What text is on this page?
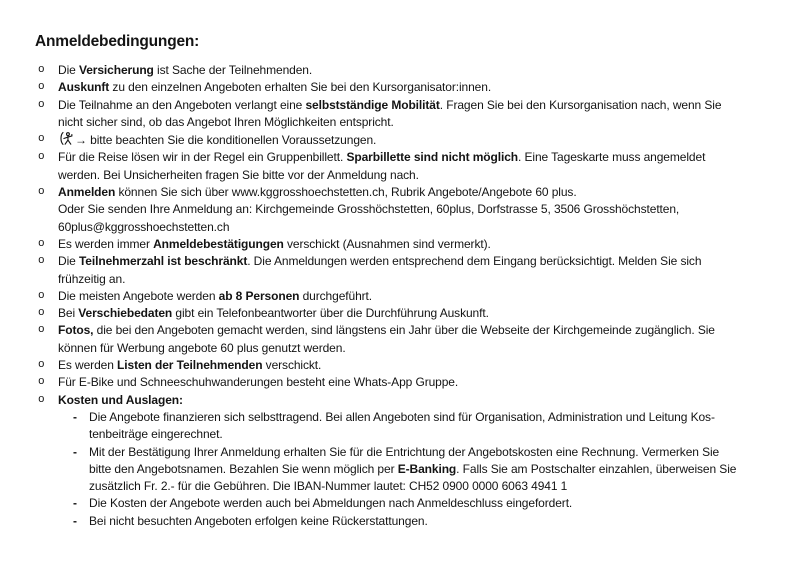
Anmeldebedingungen:
o	Die Versicherung ist Sache der Teilnehmenden.
o	Auskunft zu den einzelnen Angeboten erhalten Sie bei den Kursorganisator:innen.
o	Die Teilnahme an den Angeboten verlangt eine selbstständige Mobilität. Fragen Sie bei den Kursorganisation nach, wenn Sie
nicht sicher sind, ob das Angebot Ihren Möglichkeiten entspricht.
o	→ bitte beachten Sie die konditionellen Voraussetzungen.
o	Für die Reise lösen wir in der Regel ein Gruppenbillett. Sparbillette sind nicht möglich. Eine Tageskarte muss angemeldet
werden. Bei Unsicherheiten fragen Sie bitte vor der Anmeldung nach.
o	Anmelden können Sie sich über www.kggrosshoechstetten.ch, Rubrik Angebote/Angebote 60 plus.
Oder Sie senden Ihre Anmeldung an: Kirchgemeinde Grosshöchstetten, 60plus, Dorfstrasse 5, 3506 Grosshöchstetten,
60plus@kggrosshoechstetten.ch
o	Es werden immer Anmeldebestätigungen verschickt (Ausnahmen sind vermerkt).
o	Die Teilnehmerzahl ist beschränkt. Die Anmeldungen werden entsprechend dem Eingang berücksichtigt. Melden Sie sich
frühzeitig an.
o	Die meisten Angebote werden ab 8 Personen durchgeführt.
o	Bei Verschiebedaten gibt ein Telefonbeantworter über die Durchführung Auskunft.
o	Fotos, die bei den Angeboten gemacht werden, sind längstens ein Jahr über die Webseite der Kirchgemeinde zugänglich. Sie
können für Werbung angebote 60 plus genutzt werden.
o	Es werden Listen der Teilnehmenden verschickt.
o	Für E-Bike und Schneeschuhwanderungen besteht eine Whats-App Gruppe.
o	Kosten und Auslagen:
-	Die Angebote finanzieren sich selbsttragend. Bei allen Angeboten sind für Organisation, Administration und Leitung Kos-
tenbeiträge eingerechnet.
-	Mit der Bestätigung Ihrer Anmeldung erhalten Sie für die Entrichtung der Angebotskosten eine Rechnung. Vermerken Sie
bitte den Angebotsnamen. Bezahlen Sie wenn möglich per E-Banking. Falls Sie am Postschalter einzahlen, überweisen Sie
zusätzlich Fr. 2.- für die Gebühren. Die IBAN-Nummer lautet: CH52 0900 0000 6063 4941 1
-	Die Kosten der Angebote werden auch bei Abmeldungen nach Anmeldeschluss eingefordert.
-	Bei nicht besuchten Angeboten erfolgen keine Rückerstattungen.
